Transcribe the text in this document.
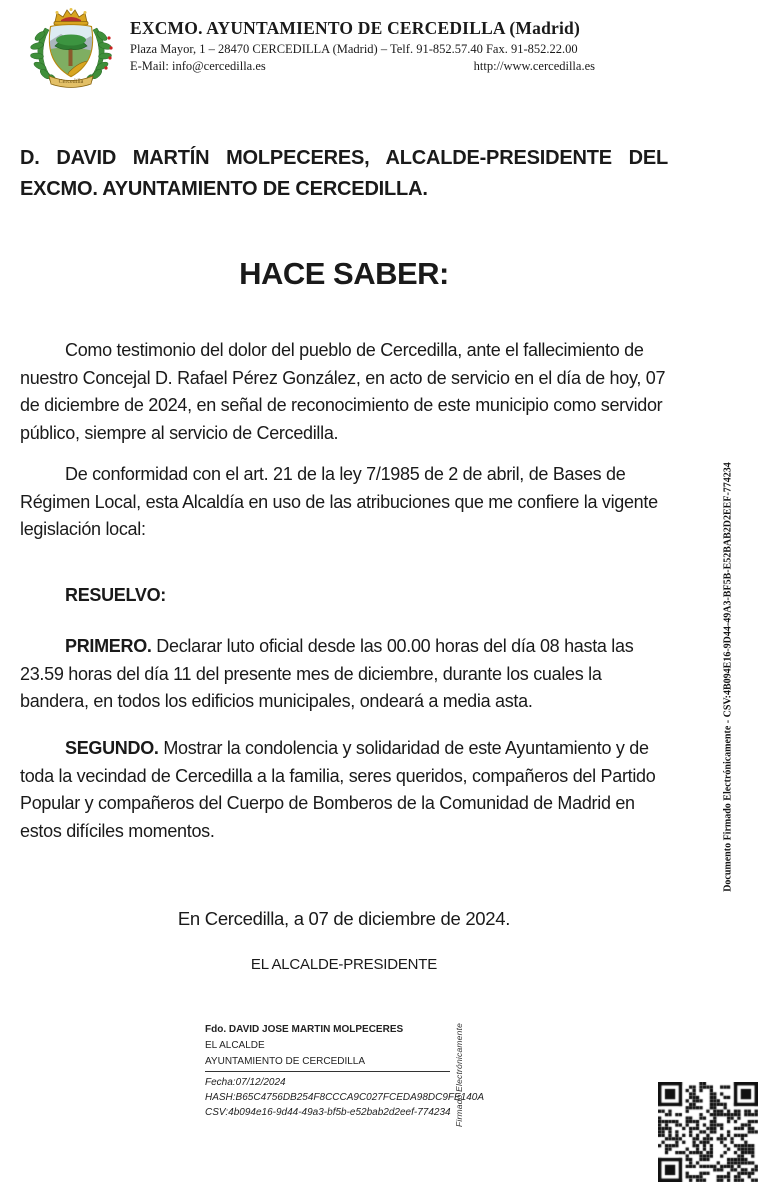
Cercedilla
EXCMO. AYUNTAMIENTO DE CERCEDILLA (Madrid)
Plaza Mayor, 1 – 28470 CERCEDILLA (Madrid) – Telf. 91-852.57.40 Fax. 91-852.22.00
E-Mail: info@cercedilla.es	http://www.cercedilla.es
D. DAVID MARTÍN MOLPECERES, ALCALDE-PRESIDENTE DEL EXCMO. AYUNTAMIENTO DE CERCEDILLA.
HACE SABER:
Como testimonio del dolor del pueblo de Cercedilla, ante el fallecimiento de nuestro Concejal D. Rafael Pérez González, en acto de servicio en el día de hoy, 07 de diciembre de 2024, en señal de reconocimiento de este municipio como servidor público, siempre al servicio de Cercedilla.
De conformidad con el art. 21 de la ley 7/1985 de 2 de abril, de Bases de Régimen Local, esta Alcaldía en uso de las atribuciones que me confiere la vigente legislación local:
RESUELVO:
PRIMERO. Declarar luto oficial desde las 00.00 horas del día 08 hasta las 23.59 horas del día 11 del presente mes de diciembre, durante los cuales la bandera, en todos los edificios municipales, ondeará a media asta.
SEGUNDO. Mostrar la condolencia y solidaridad de este Ayuntamiento y de toda la vecindad de Cercedilla a la familia, seres queridos, compañeros del Partido Popular y compañeros del Cuerpo de Bomberos de la Comunidad de Madrid en estos difíciles momentos.
En Cercedilla, a 07 de diciembre de 2024.
EL ALCALDE-PRESIDENTE
Fdo. DAVID JOSE MARTIN MOLPECERES
EL ALCALDE
AYUNTAMIENTO DE CERCEDILLA
Fecha:07/12/2024
HASH:B65C4756DB254F8CCCA9C027FCEDA98DC9FE140A
CSV:4b094e16-9d44-49a3-bf5b-e52bab2d2eef-774234 Firmado Electrónicamente
Documento Firmado Electrónicamente - CSV:4B094E16-9D44-49A3-BF5B-E52BAB2D2EEF-774234
